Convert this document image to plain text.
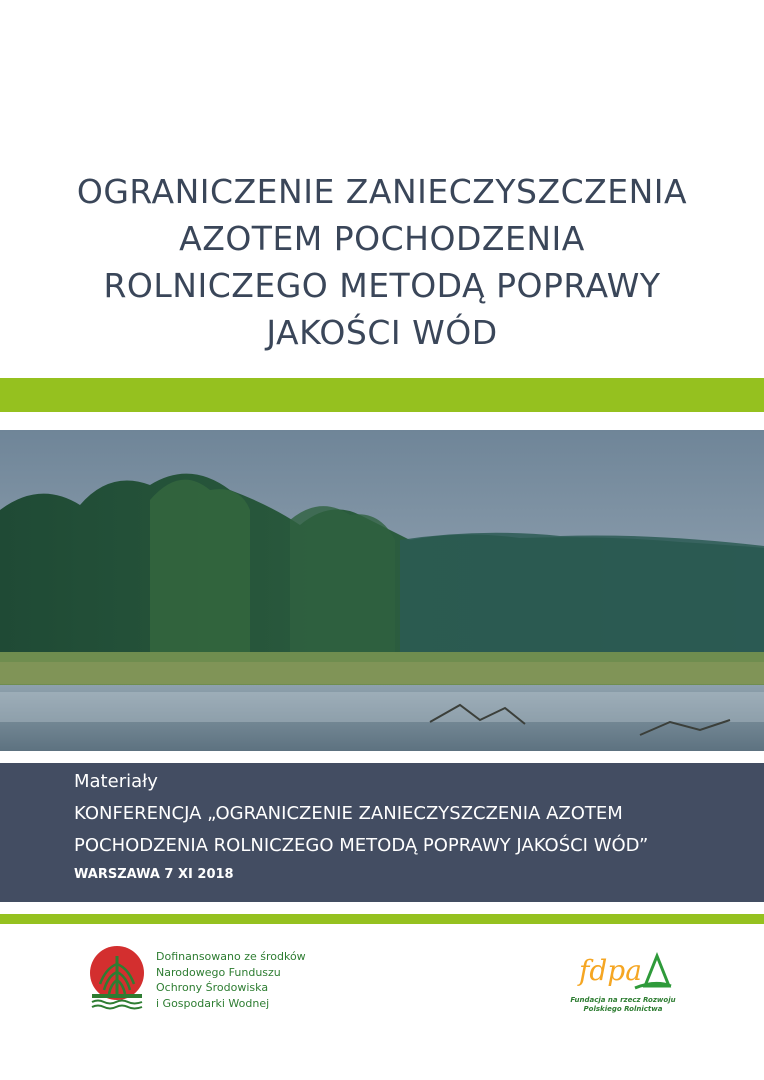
OGRANICZENIE ZANIECZYSZCZENIA
AZOTEM POCHODZENIA
ROLNICZEGO METODĄ POPRAWY
JAKOŚCI WÓD
Materiały
KONFERENCJA „OGRANICZENIE ZANIECZYSZCZENIA AZOTEM
POCHODZENIA ROLNICZEGO METODĄ POPRAWY JAKOŚCI WÓD”
WARSZAWA 7 XI 2018
Dofinansowano ze środków
Narodowego Funduszu
Ochrony Środowiska
i Gospodarki Wodnej
fdpa
Fundacja na rzecz Rozwoju
Polskiego Rolnictwa
